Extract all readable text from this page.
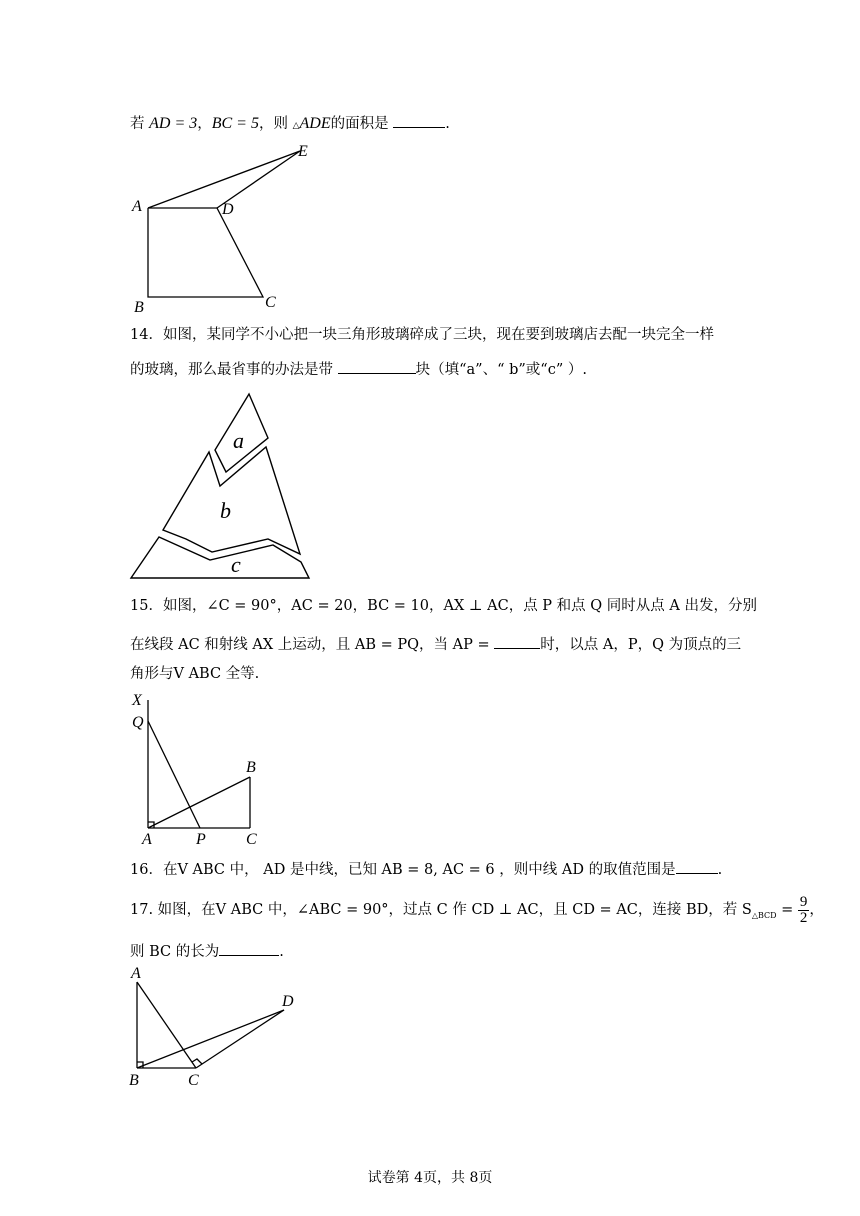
若 AD = 3，BC = 5，则 △ADE的面积是	.
A
B	C
D
E
14．如图，某同学不小心把一块三角形玻璃碎成了三块，现在要到玻璃店去配一块完全一样
的玻璃，那么最省事的办法是带	块（填“a”、“ b”或“c” ）.
a
b
c
15．如图，∠C = 90°，AC = 20，BC = 10，AX ⊥ AC，点 P 和点 Q 同时从点 A 出发，分别
在线段 AC 和射线 AX 上运动，且 AB = PQ，当 AP =	时，以点 A，P，Q 为顶点的三
角形与V ABC 全等.
X
Q
B
A	P	C
16．在V ABC 中， AD 是中线，已知 AB = 8, AC = 6 ，则中线 AD 的取值范围是	.
17. 如图，在V ABC 中，∠ABC = 90°，过点 C 作 CD ⊥ AC，且 CD = AC，连接 BD，若 $S_{\triangle BCD} = \frac{9}{2}$ ，
则 BC 的长为	.
A
B	C
D
试卷第 4页，共 8页
